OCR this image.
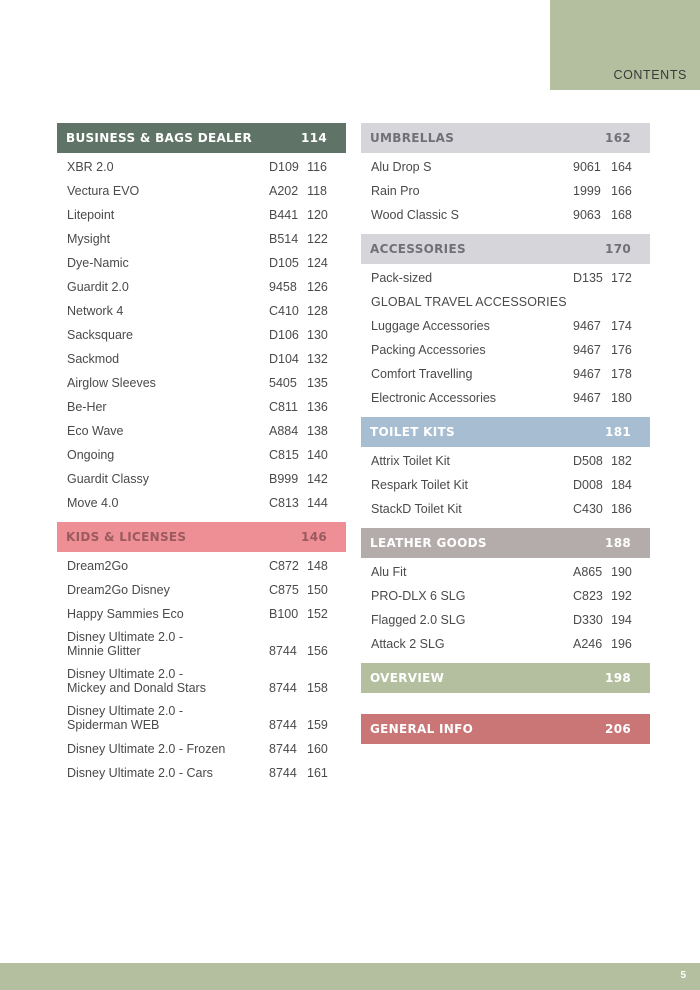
CONTENTS
BUSINESS & BAGS DEALER	114
XBR 2.0	D109 116
Vectura EVO	A202 118
Litepoint	B441 120
Mysight	B514 122
Dye-Namic	D105 124
Guardit 2.0	9458 126
Network 4	C410 128
Sacksquare	D106 130
Sackmod	D104 132
Airglow Sleeves	5405 135
Be-Her	C811 136
Eco Wave	A884 138
Ongoing	C815 140
Guardit Classy	B999 142
Move 4.0	C813 144
KIDS & LICENSES	146
Dream2Go	C872 148
Dream2Go Disney	C875 150
Happy Sammies Eco	B100 152
Disney Ultimate 2.0 -
Minnie Glitter	8744 156
Disney Ultimate 2.0 -
Mickey and Donald Stars	8744 158
Disney Ultimate 2.0 -
Spiderman WEB	8744 159
Disney Ultimate 2.0 - Frozen	8744 160
Disney Ultimate 2.0 - Cars	8744 161
UMBRELLAS	162
Alu Drop S	9061 164
Rain Pro	1999 166
Wood Classic S	9063 168
ACCESSORIES	170
Pack-sized	D135 172
GLOBAL TRAVEL ACCESSORIES
Luggage Accessories	9467 174
Packing Accessories	9467 176
Comfort Travelling	9467 178
Electronic Accessories	9467 180
TOILET KITS	181
Attrix Toilet Kit	D508 182
Respark Toilet Kit	D008 184
StackD Toilet Kit	C430 186
LEATHER GOODS	188
Alu Fit	A865 190
PRO-DLX 6 SLG	C823 192
Flagged 2.0 SLG	D330 194
Attack 2 SLG	A246 196
OVERVIEW	198
GENERAL INFO	206
5
